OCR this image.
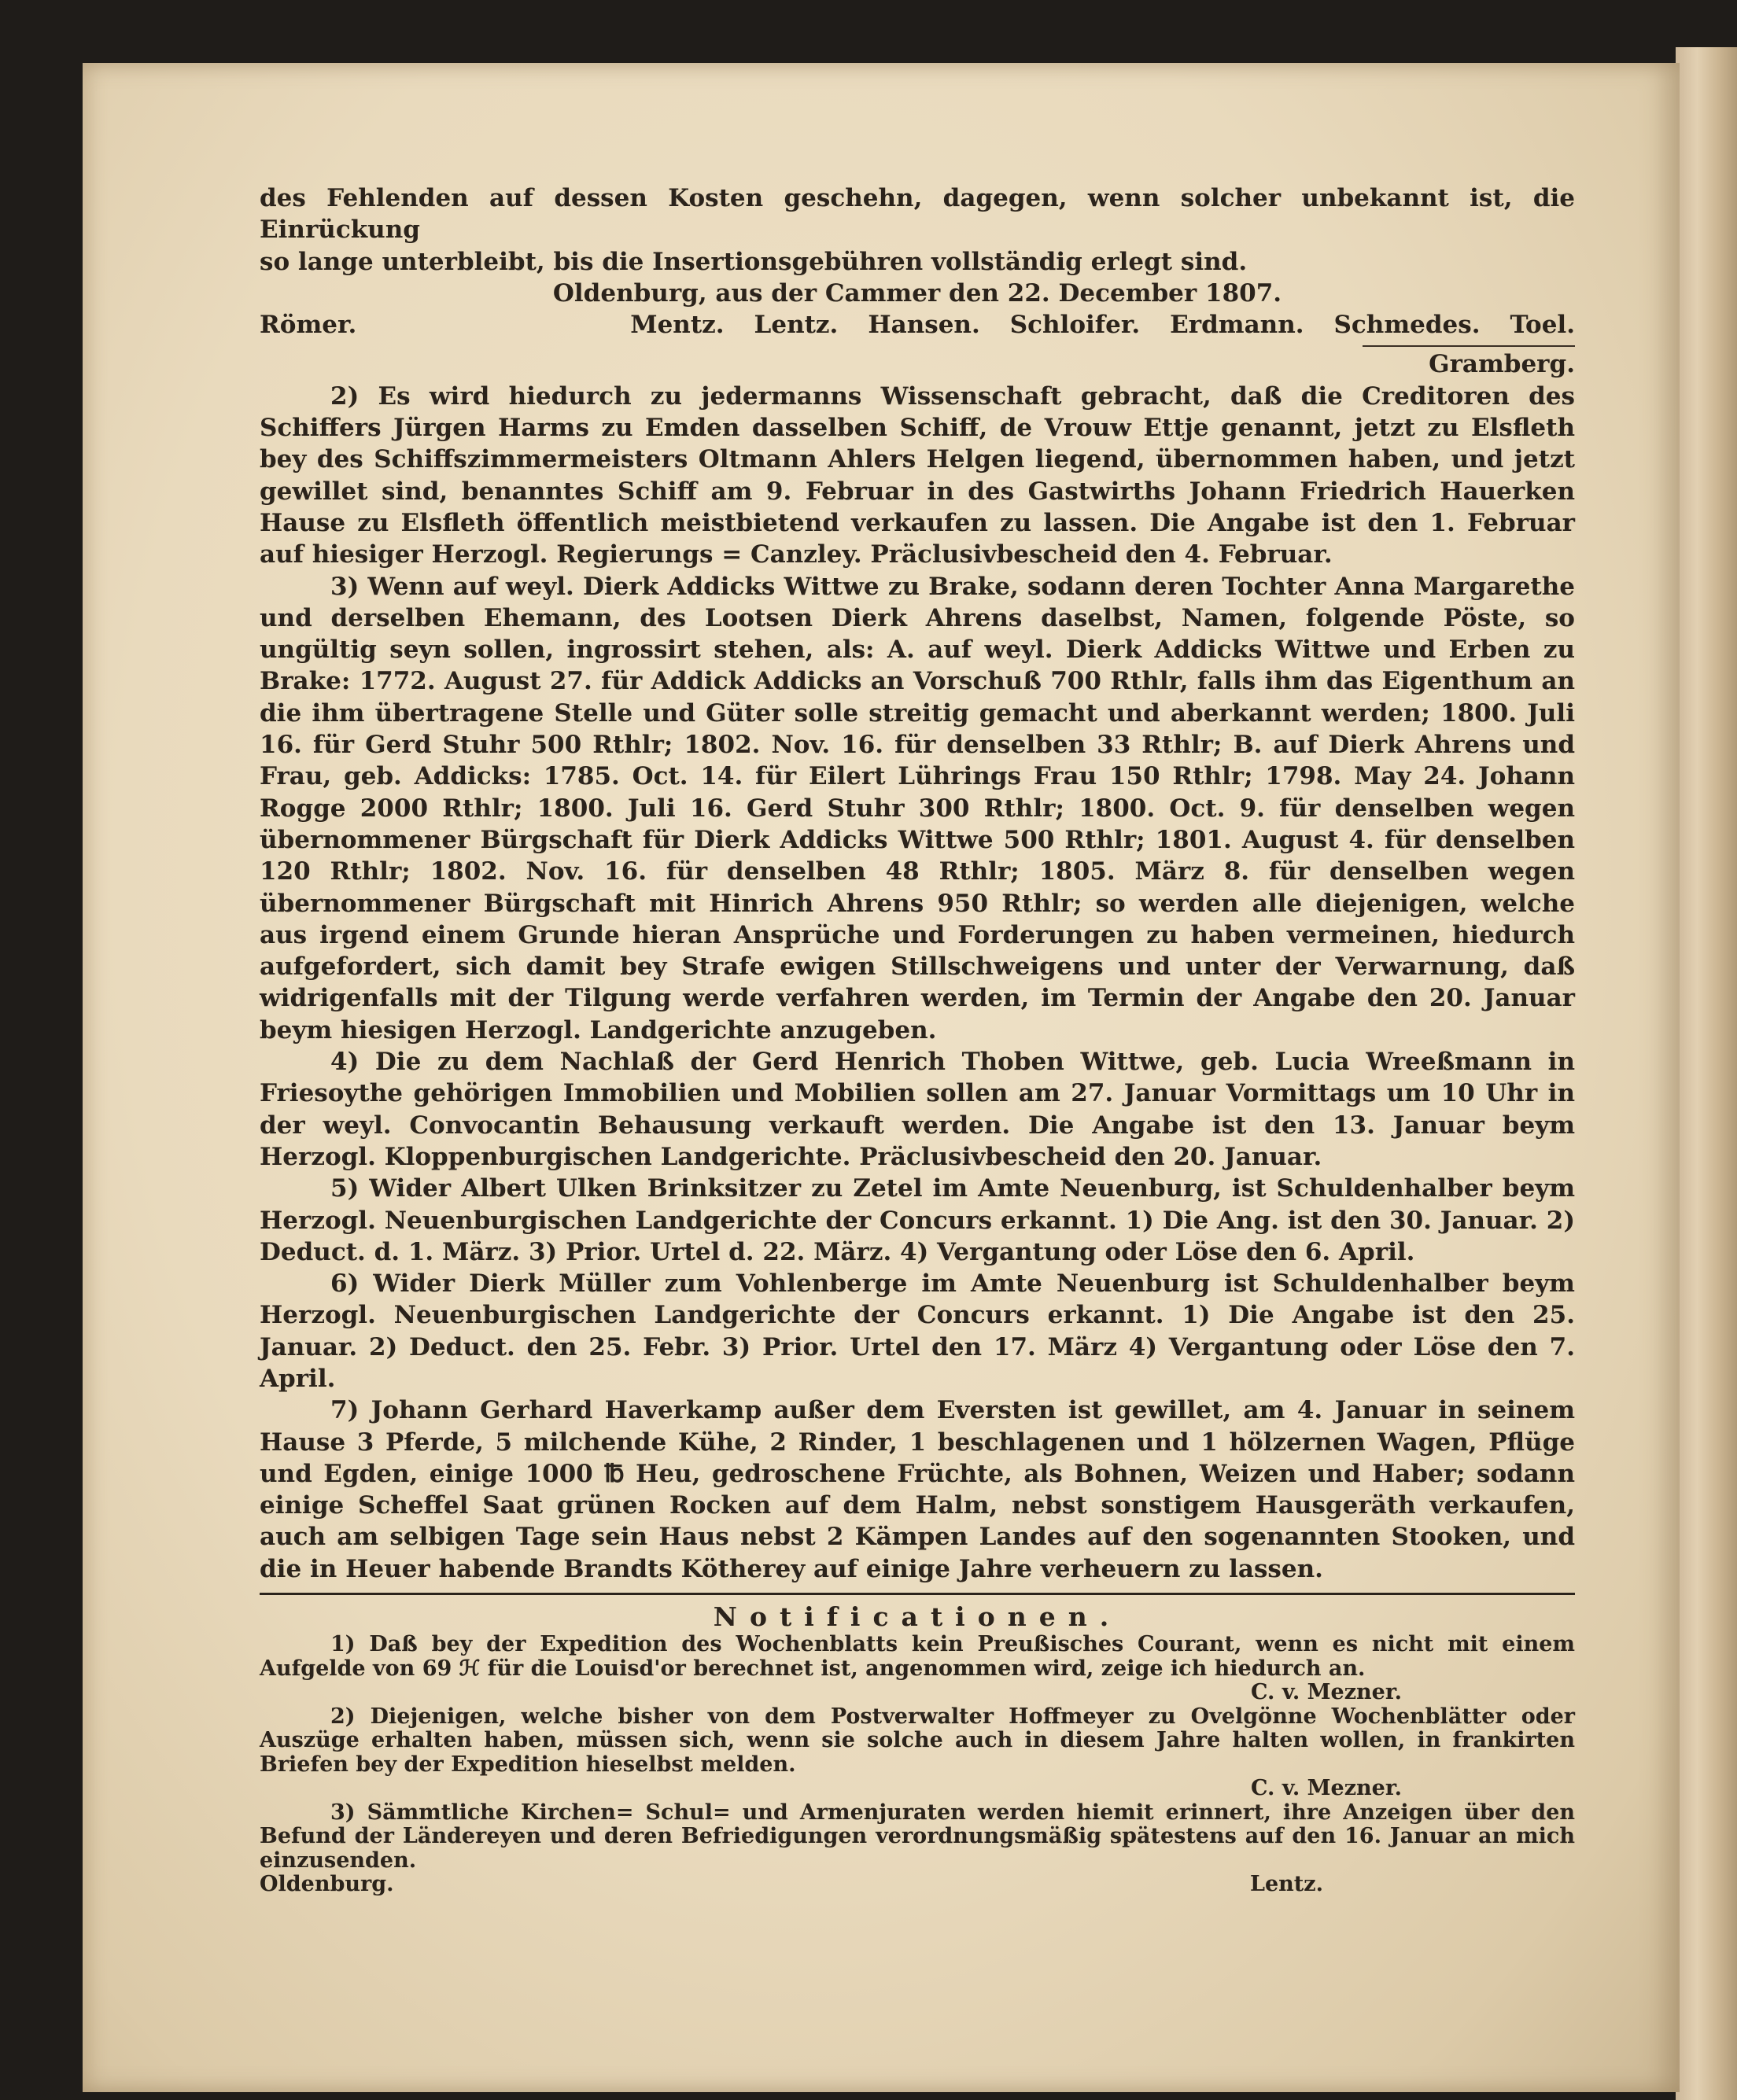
des Fehlenden auf dessen Kosten geschehn, dagegen, wenn solcher unbekannt ist, die Einrückung

so lange unterbleibt, bis die Insertionsgebühren vollständig erlegt sind.

Oldenburg, aus der Cammer den 22. December 1807.

Römer.	Mentz. Lentz. Hansen. Schloifer. Erdmann. Schmedes. Toel.

Gramberg.

2) Es wird hiedurch zu jedermanns Wissenschaft gebracht, daß die Creditoren des Schiffers Jürgen Harms zu Emden dasselben Schiff, de Vrouw Ettje genannt, jetzt zu Elsfleth bey des Schiffszimmermeisters Oltmann Ahlers Helgen liegend, übernommen haben, und jetzt gewillet sind, benanntes Schiff am 9. Februar in des Gastwirths Johann Friedrich Hauerken Hause zu Elsfleth öffentlich meistbietend verkaufen zu lassen. Die Angabe ist den 1. Februar auf hiesiger Herzogl. Regierungs = Canzley. Präclusivbescheid den 4. Februar.

3) Wenn auf weyl. Dierk Addicks Wittwe zu Brake, sodann deren Tochter Anna Margarethe und derselben Ehemann, des Lootsen Dierk Ahrens daselbst, Namen, folgende Pöste, so ungültig seyn sollen, ingrossirt stehen, als: A. auf weyl. Dierk Addicks Wittwe und Erben zu Brake: 1772. August 27. für Addick Addicks an Vorschuß 700 Rthlr, falls ihm das Eigenthum an die ihm übertragene Stelle und Güter solle streitig gemacht und aberkannt werden; 1800. Juli 16. für Gerd Stuhr 500 Rthlr; 1802. Nov. 16. für denselben 33 Rthlr; B. auf Dierk Ahrens und Frau, geb. Addicks: 1785. Oct. 14. für Eilert Lührings Frau 150 Rthlr; 1798. May 24. Johann Rogge 2000 Rthlr; 1800. Juli 16. Gerd Stuhr 300 Rthlr; 1800. Oct. 9. für denselben wegen übernommener Bürgschaft für Dierk Addicks Wittwe 500 Rthlr; 1801. August 4. für denselben 120 Rthlr; 1802. Nov. 16. für denselben 48 Rthlr; 1805. März 8. für denselben wegen übernommener Bürgschaft mit Hinrich Ahrens 950 Rthlr; so werden alle diejenigen, welche aus irgend einem Grunde hieran Ansprüche und Forderungen zu haben vermeinen, hiedurch aufgefordert, sich damit bey Strafe ewigen Stillschweigens und unter der Verwarnung, daß widrigenfalls mit der Tilgung werde verfahren werden, im Termin der Angabe den 20. Januar beym hiesigen Herzogl. Landgerichte anzugeben.

4) Die zu dem Nachlaß der Gerd Henrich Thoben Wittwe, geb. Lucia Wreeßmann in Friesoythe gehörigen Immobilien und Mobilien sollen am 27. Januar Vormittags um 10 Uhr in der weyl. Convocantin Behausung verkauft werden. Die Angabe ist den 13. Januar beym Herzogl. Kloppenburgischen Landgerichte. Präclusivbescheid den 20. Januar.

5) Wider Albert Ulken Brinksitzer zu Zetel im Amte Neuenburg, ist Schuldenhalber beym Herzogl. Neuenburgischen Landgerichte der Concurs erkannt. 1) Die Ang. ist den 30. Januar. 2) Deduct. d. 1. März. 3) Prior. Urtel d. 22. März. 4) Vergantung oder Löse den 6. April.

6) Wider Dierk Müller zum Vohlenberge im Amte Neuenburg ist Schuldenhalber beym Herzogl. Neuenburgischen Landgerichte der Concurs erkannt. 1) Die Angabe ist den 25. Januar. 2) Deduct. den 25. Febr. 3) Prior. Urtel den 17. März 4) Vergantung oder Löse den 7. April.

7) Johann Gerhard Haverkamp außer dem Eversten ist gewillet, am 4. Januar in seinem Hause 3 Pferde, 5 milchende Kühe, 2 Rinder, 1 beschlagenen und 1 hölzernen Wagen, Pflüge und Egden, einige 1000 ℔ Heu, gedroschene Früchte, als Bohnen, Weizen und Haber; sodann einige Scheffel Saat grünen Rocken auf dem Halm, nebst sonstigem Hausgeräth verkaufen, auch am selbigen Tage sein Haus nebst 2 Kämpen Landes auf den sogenannten Stooken, und die in Heuer habende Brandts Kötherey auf einige Jahre verheuern zu lassen.

Notificationen.

1) Daß bey der Expedition des Wochenblatts kein Preußisches Courant, wenn es nicht mit einem Aufgelde von 69 ℋ für die Louisd'or berechnet ist, angenommen wird, zeige ich hiedurch an.

C. v. Mezner.

2) Diejenigen, welche bisher von dem Postverwalter Hoffmeyer zu Ovelgönne Wochenblätter oder Auszüge erhalten haben, müssen sich, wenn sie solche auch in diesem Jahre halten wollen, in frankirten Briefen bey der Expedition hieselbst melden.

C. v. Mezner.

3) Sämmtliche Kirchen= Schul= und Armenjuraten werden hiemit erinnert, ihre Anzeigen über den Befund der Ländereyen und deren Befriedigungen verordnungsmäßig spätestens auf den 16. Januar an mich einzusenden.

Oldenburg.	Lentz.
